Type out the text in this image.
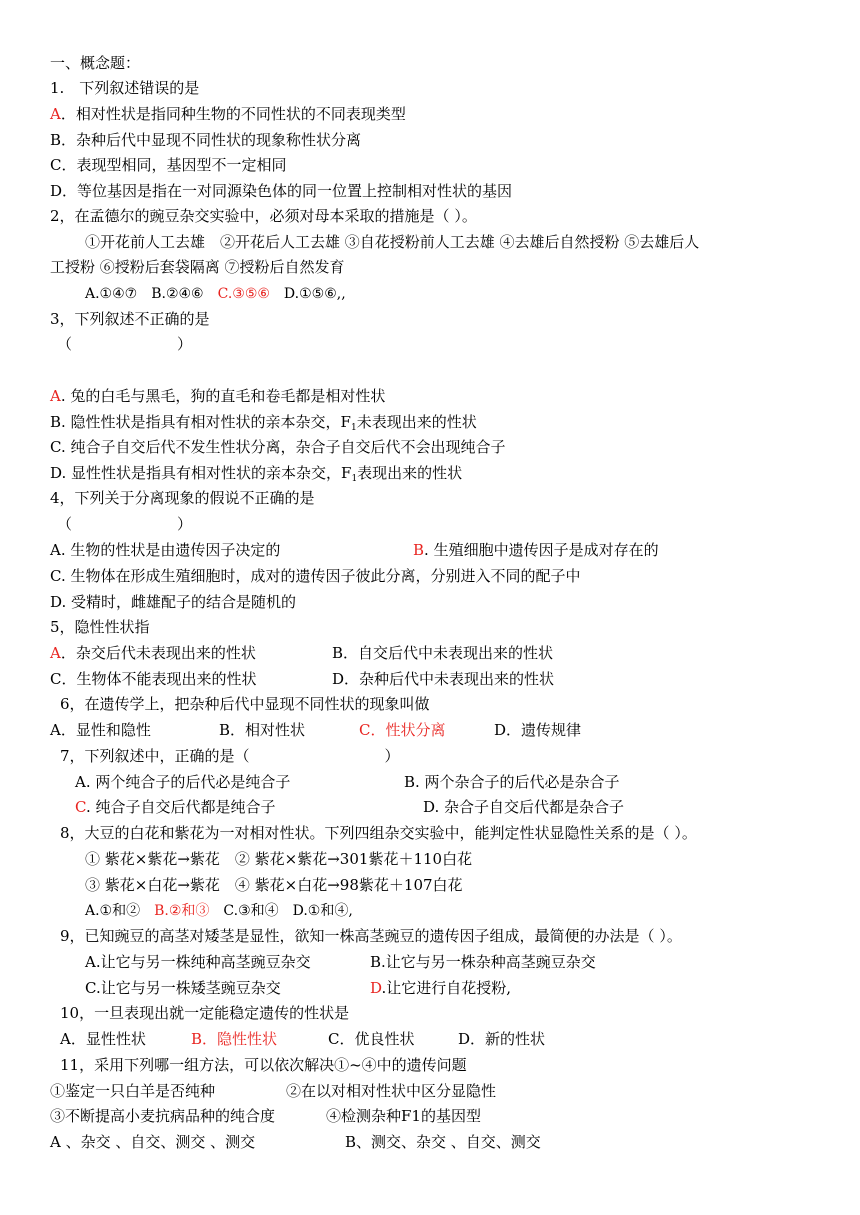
一、概念题：
1.　下列叙述错误的是
A．相对性状是指同种生物的不同性状的不同表现类型
B．杂种后代中显现不同性状的现象称性状分离
C．表现型相同，基因型不一定相同
D．等位基因是指在一对同源染色体的同一位置上控制相对性状的基因
2，在孟德尔的豌豆杂交实验中，必须对母本采取的措施是（ ）。
①开花前人工去雄　②开花后人工去雄 ③自花授粉前人工去雄 ④去雄后自然授粉 ⑤去雄后人
工授粉 ⑥授粉后套袋隔离 ⑦授粉后自然发育
A.①④⑦　B.②④⑥　C.③⑤⑥　D.①⑤⑥,,
3，下列叙述不正确的是
（　　　　　　　）
A. 兔的白毛与黑毛，狗的直毛和卷毛都是相对性状
B. 隐性性状是指具有相对性状的亲本杂交，$F_1$未表现出来的性状
C. 纯合子自交后代不发生性状分离，杂合子自交后代不会出现纯合子
D. 显性性状是指具有相对性状的亲本杂交，$F_1$表现出来的性状
4，下列关于分离现象的假说不正确的是
（　　　　　　　）
A. 生物的性状是由遗传因子决定的	B. 生殖细胞中遗传因子是成对存在的
C. 生物体在形成生殖细胞时，成对的遗传因子彼此分离，分别进入不同的配子中
D. 受精时，雌雄配子的结合是随机的
5，隐性性状指
A．杂交后代未表现出来的性状	B．自交后代中未表现出来的性状
C．生物体不能表现出来的性状	D．杂种后代中未表现出来的性状
6，在遗传学上，把杂种后代中显现不同性状的现象叫做
A．显性和隐性	B．相对性状	C．性状分离	D．遗传规律
7，下列叙述中，正确的是（　　　　　　　　　）
A. 两个纯合子的后代必是纯合子	B. 两个杂合子的后代必是杂合子
C. 纯合子自交后代都是纯合子	D. 杂合子自交后代都是杂合子
8，大豆的白花和紫花为一对相对性状。下列四组杂交实验中，能判定性状显隐性关系的是（ ）。
① 紫花×紫花→紫花　② 紫花×紫花→301紫花＋110白花
③ 紫花×白花→紫花　④ 紫花×白花→98紫花＋107白花
A.①和②　B.②和③　C.③和④　D.①和④,
9，已知豌豆的高茎对矮茎是显性，欲知一株高茎豌豆的遗传因子组成，最简便的办法是（ ）。
A.让它与另一株纯种高茎豌豆杂交	B.让它与另一株杂种高茎豌豆杂交
C.让它与另一株矮茎豌豆杂交	D.让它进行自花授粉,
10，一旦表现出就一定能稳定遗传的性状是
A．显性性状	B．隐性性状	C．优良性状	D．新的性状
11，采用下列哪一组方法，可以依次解决①~④中的遗传问题
①鉴定一只白羊是否纯种	②在以对相对性状中区分显隐性
③不断提高小麦抗病品种的纯合度	④检测杂种F1的基因型
A 、杂交 、自交、测交 、测交	B、测交、杂交 、自交、测交
